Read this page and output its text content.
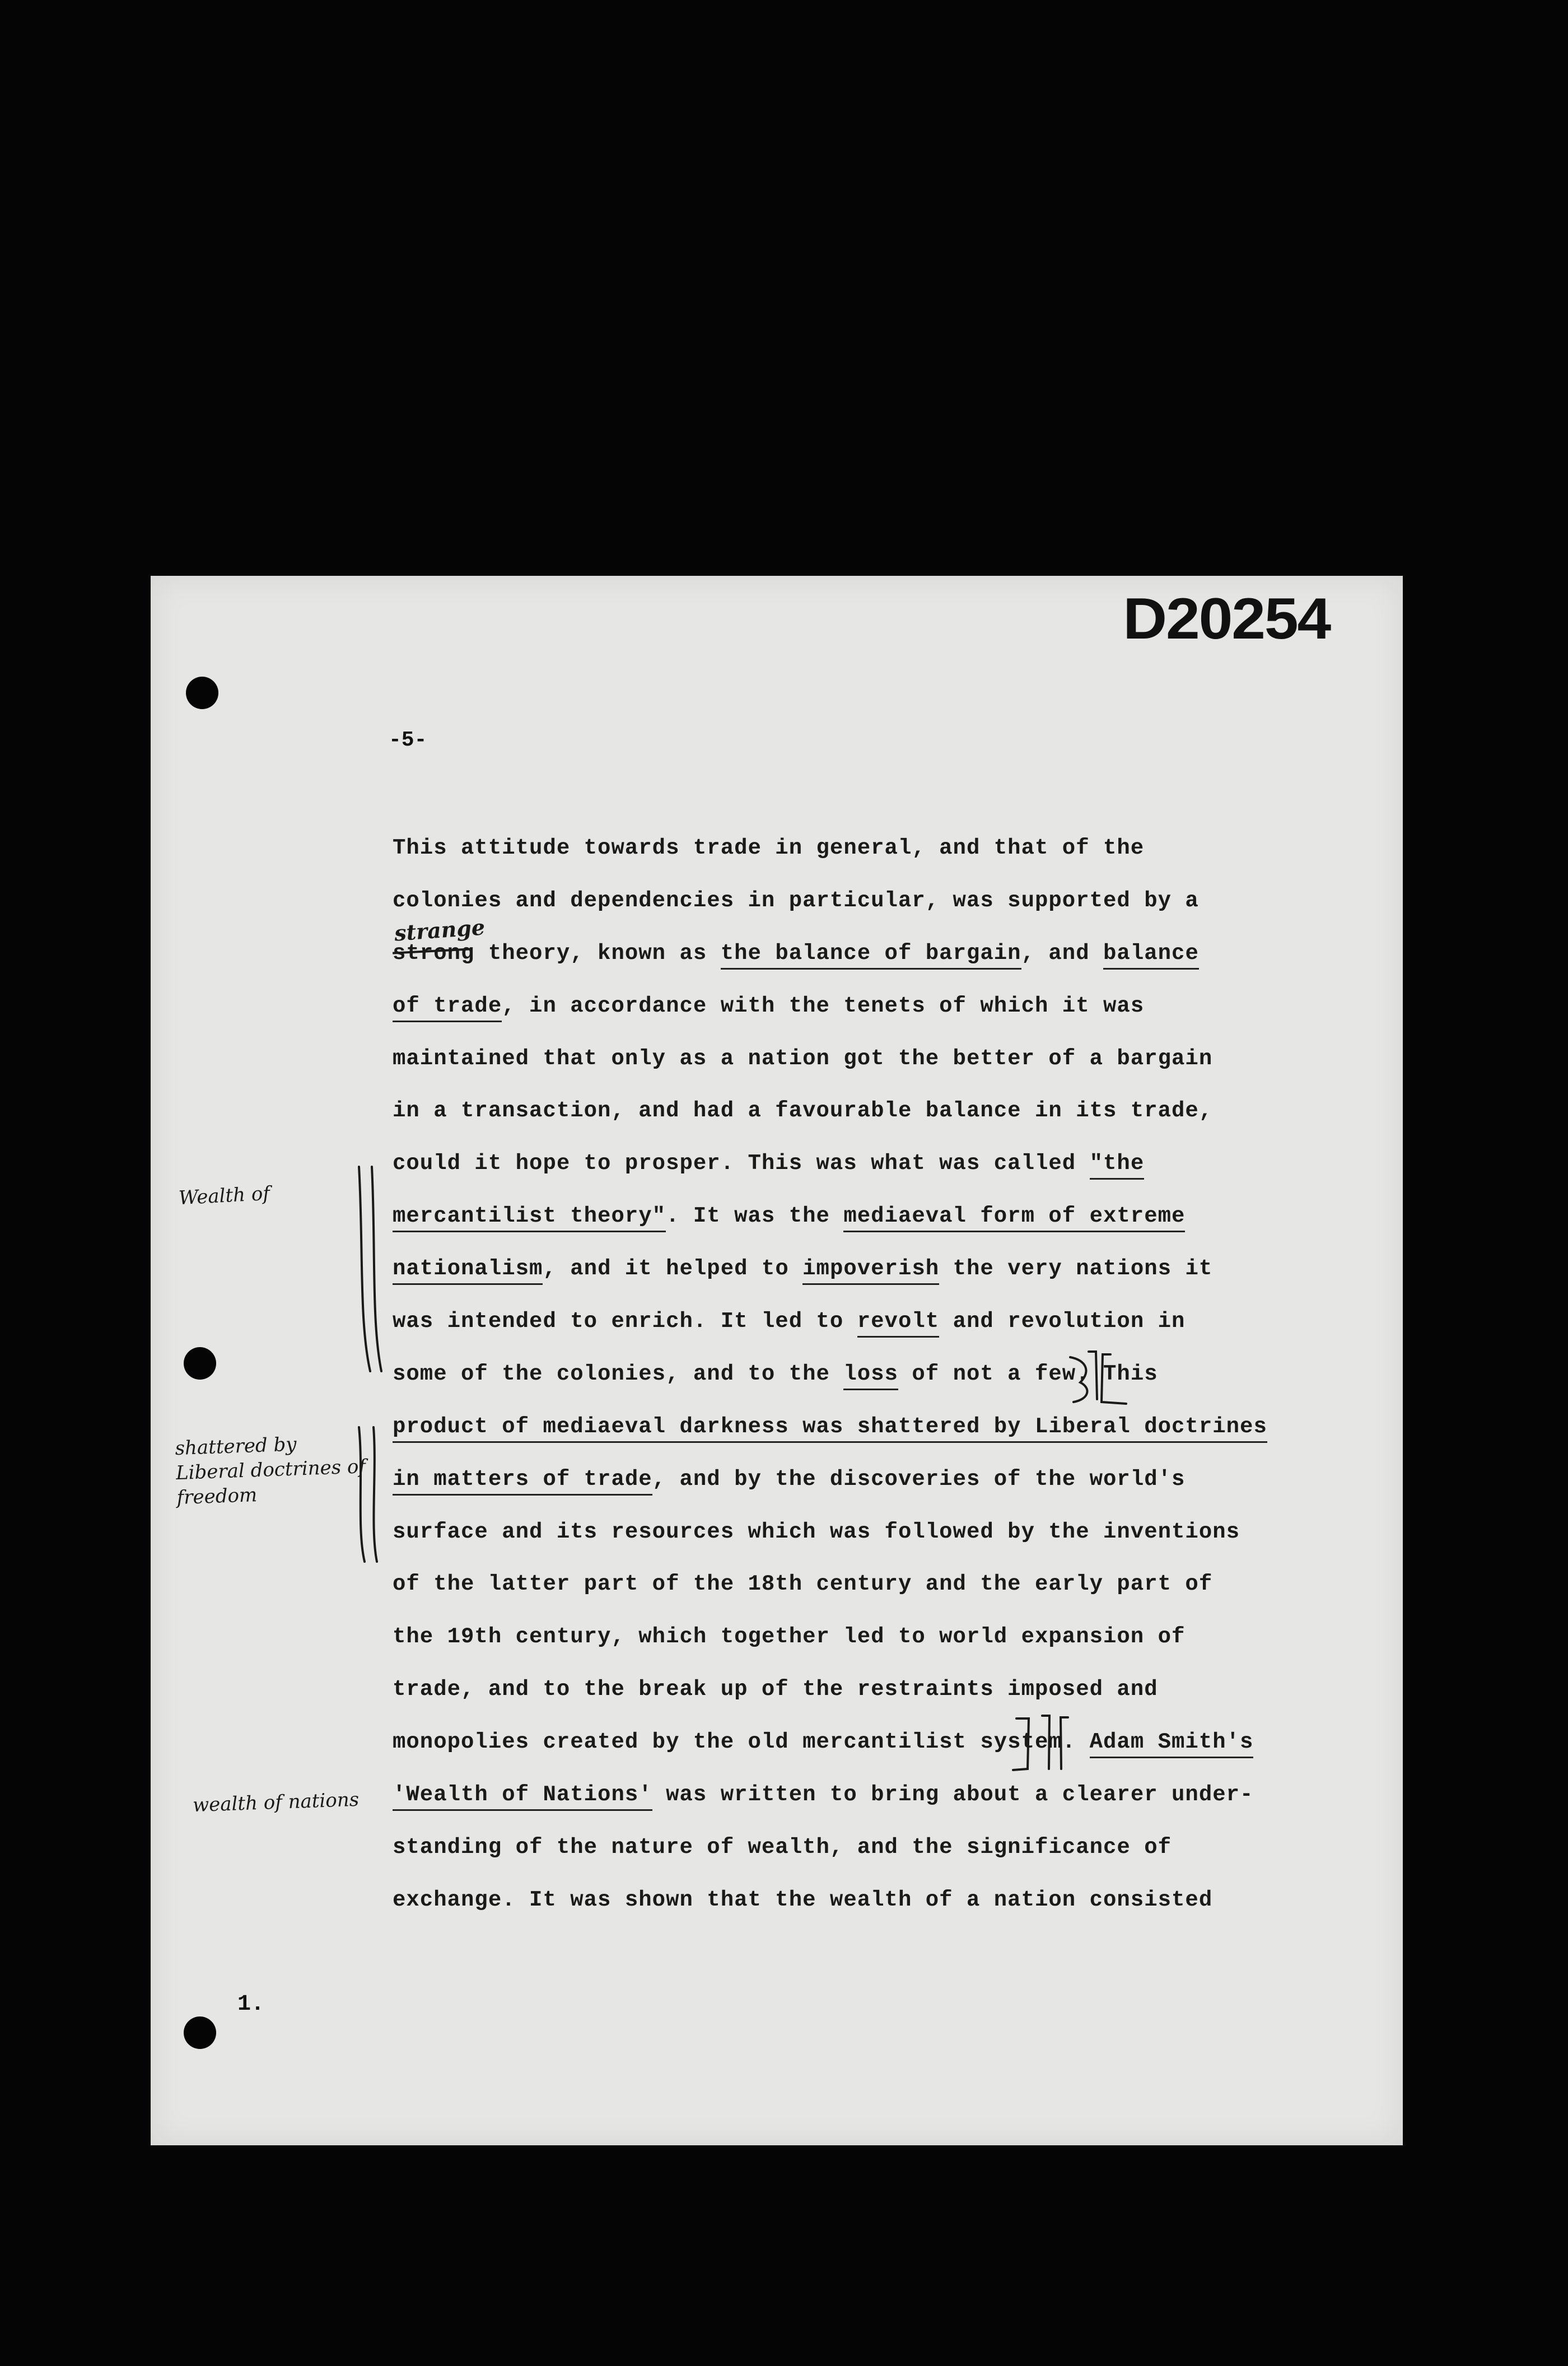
D20254
-5-
strange
This attitude towards trade in general, and that of the
colonies and dependencies in particular, was supported by a
strong theory, known as the balance of bargain, and balance
of trade, in accordance with the tenets of which it was
maintained that only as a nation got the better of a bargain
in a transaction, and had a favourable balance in its trade,
could it hope to prosper. This was what was called "the
mercantilist theory". It was the mediaeval form of extreme
nationalism, and it helped to impoverish the very nations it
was intended to enrich. It led to revolt and revolution in
some of the colonies, and to the loss of not a few. This
product of mediaeval darkness was shattered by Liberal doctrines
in matters of trade, and by the discoveries of the world's
surface and its resources which was followed by the inventions
of the latter part of the 18th century and the early part of
the 19th century, which together led to world expansion of
trade, and to the break up of the restraints imposed and
monopolies created by the old mercantilist system. Adam Smith's
'Wealth of Nations' was written to bring about a clearer under-
standing of the nature of wealth, and the significance of
exchange. It was shown that the wealth of a nation consisted
Wealth of
shattered by Liberal doctrines of freedom
wealth of nations
1.
